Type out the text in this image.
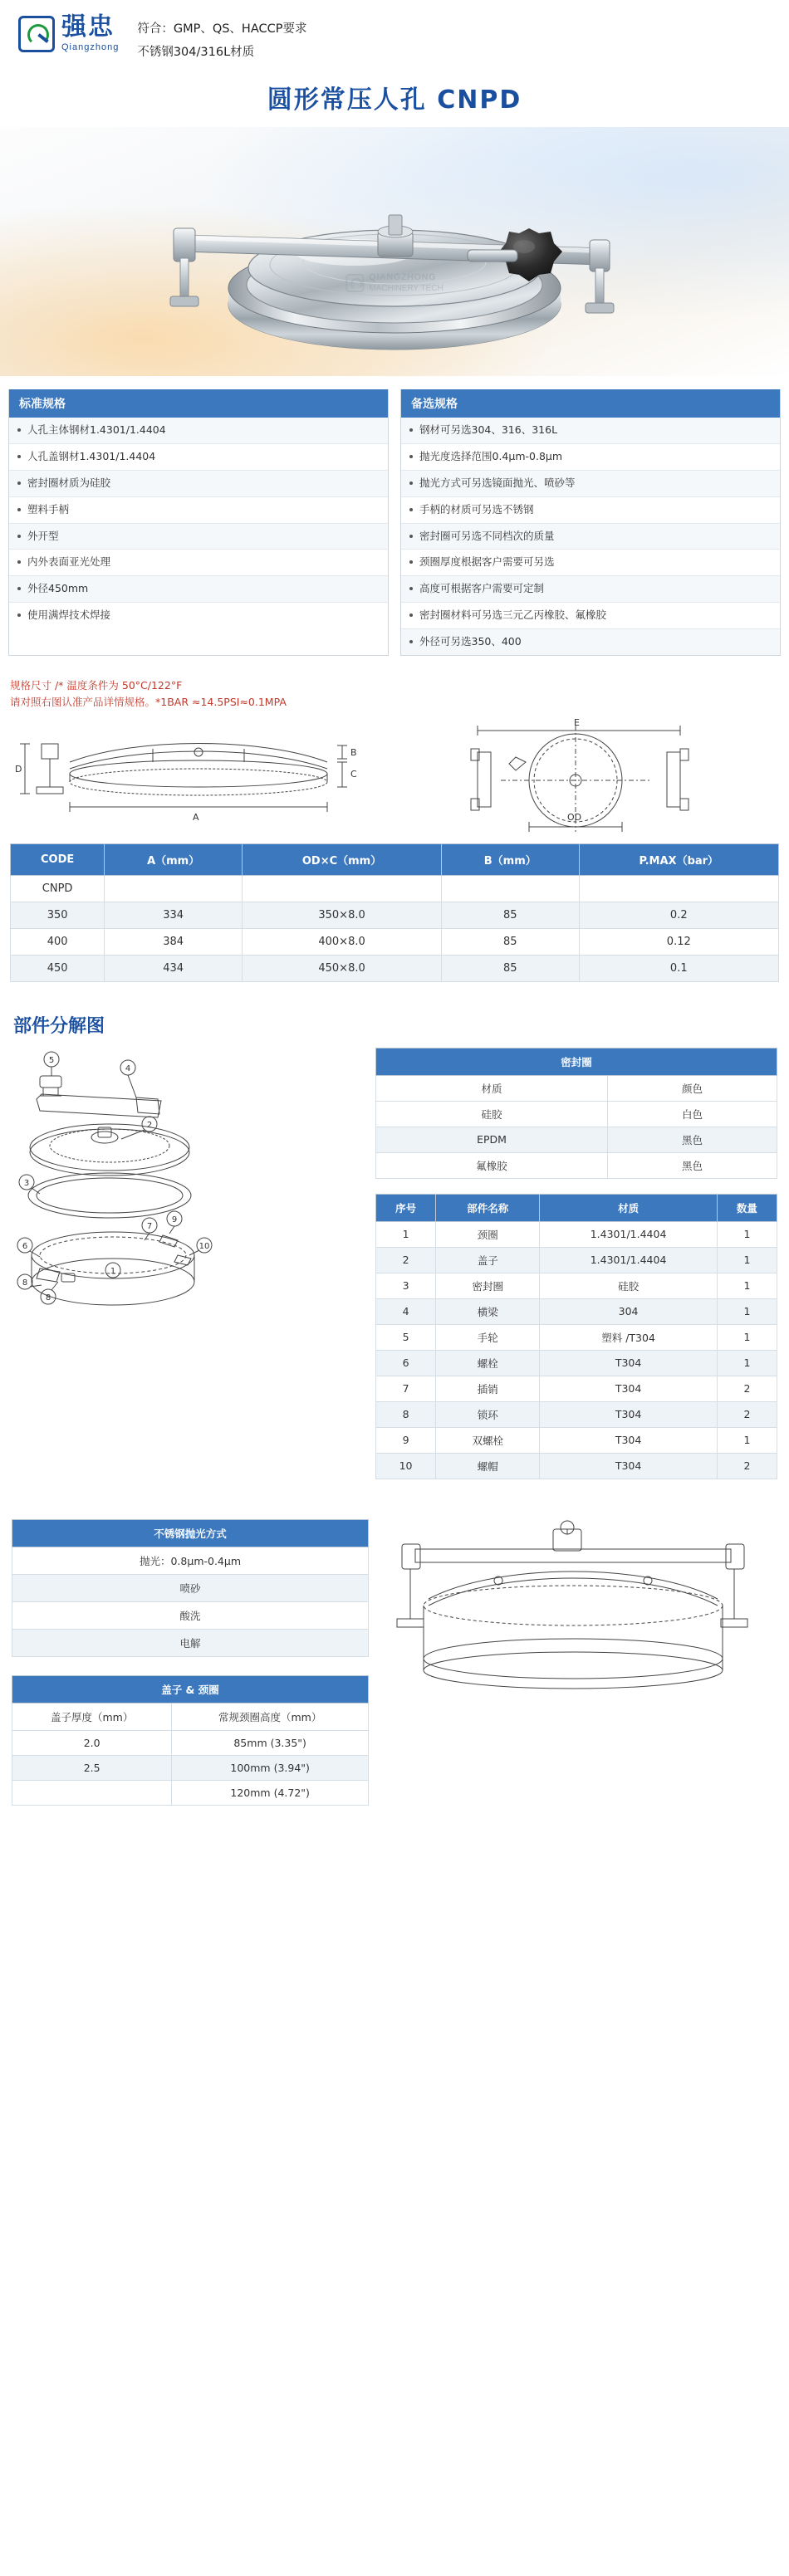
强忠
Qiangzhong
符合：GMP、QS、HACCP要求
不锈钢304/316L材质
圆形常压人孔 CNPD
QIANGZHONG
MACHINERY TECH
标准规格
人孔主体钢材1.4301/1.4404
人孔盖钢材1.4301/1.4404
密封圈材质为硅胶
塑料手柄
外开型
内外表面亚光处理
外径450mm
使用满焊技术焊接
备选规格
钢材可另选304、316、316L
抛光度选择范围0.4μm-0.8μm
抛光方式可另选镜面抛光、喷砂等
手柄的材质可另选不锈钢
密封圈可另选不同档次的质量
颈圈厚度根据客户需要可另选
高度可根据客户需要可定制
密封圈材料可另选三元乙丙橡胶、氟橡胶
外径可另选350、400
规格尺寸 /* 温度条件为 50°C/122°F
请对照右图认准产品详情规格。*1BAR ≈14.5PSI≈0.1MPA
A
C
B
D
E
OD
CODE	A（mm）	OD×C（mm）	B（mm）	P.MAX（bar）
CNPD				
350	334	350×8.0	85	0.2
400	384	400×8.0	85	0.12
450	434	450×8.0	85	0.1
部件分解图
1
2
3
4
5
6
7
8
9
10
8
密封圈	
材质	颜色
硅胶	白色
EPDM	黑色
氟橡胶	黑色
序号	部件名称	材质	数量
1	颈圈	1.4301/1.4404	1
2	盖子	1.4301/1.4404	1
3	密封圈	硅胶	1
4	横梁	304	1
5	手轮	塑料 /T304	1
6	螺栓	T304	1
7	插销	T304	2
8	锁环	T304	2
9	双螺栓	T304	1
10	螺帽	T304	2
不锈钢抛光方式
抛光：0.8μm-0.4μm
喷砂
酸洗
电解
盖子 & 颈圈	
盖子厚度（mm）	常规颈圈高度（mm）
2.0	85mm (3.35")
2.5	100mm (3.94")
	120mm (4.72")
